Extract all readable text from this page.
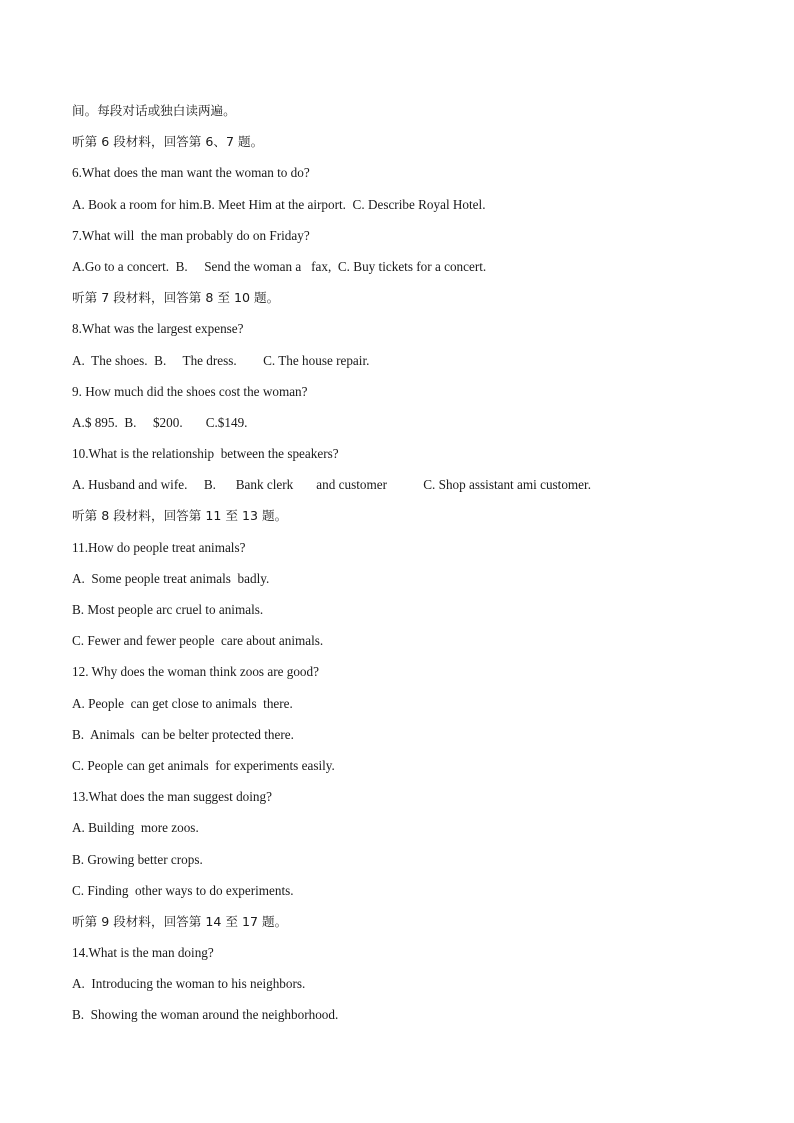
间。每段对话或独白读两遍。
听第 6 段材料，回答第 6、7 题。
6.What does the man want the woman to do?
A. Book a room for him.B. Meet Him at the airport.  C. Describe Royal Hotel.
7.What will  the man probably do on Friday?
A.Go to a concert.  B.     Send the woman a   fax,  C. Buy tickets for a concert.
听第 7 段材料，回答第 8 至 10 题。
8.What was the largest expense?
A.  The shoes.  B.     The dress.        C. The house repair.
9. How much did the shoes cost the woman?
A.$ 895.  B.     $200.       C.$149.
10.What is the relationship  between the speakers?
A. Husband and wife.     B.      Bank clerk       and customer           C. Shop assistant ami customer.
听第 8 段材料，回答第 11 至 13 题。
11.How do people treat animals?
A.  Some people treat animals  badly.
B. Most people arc cruel to animals.
C. Fewer and fewer people  care about animals.
12. Why does the woman think zoos are good?
A. People  can get close to animals  there.
B.  Animals  can be belter protected there.
C. People can get animals  for experiments easily.
13.What does the man suggest doing?
A. Building  more zoos.
B. Growing better crops.
C. Finding  other ways to do experiments.
听第 9 段材料，回答第 14 至 17 题。
14.What is the man doing?
A.  Introducing the woman to his neighbors.
B.  Showing the woman around the neighborhood.
